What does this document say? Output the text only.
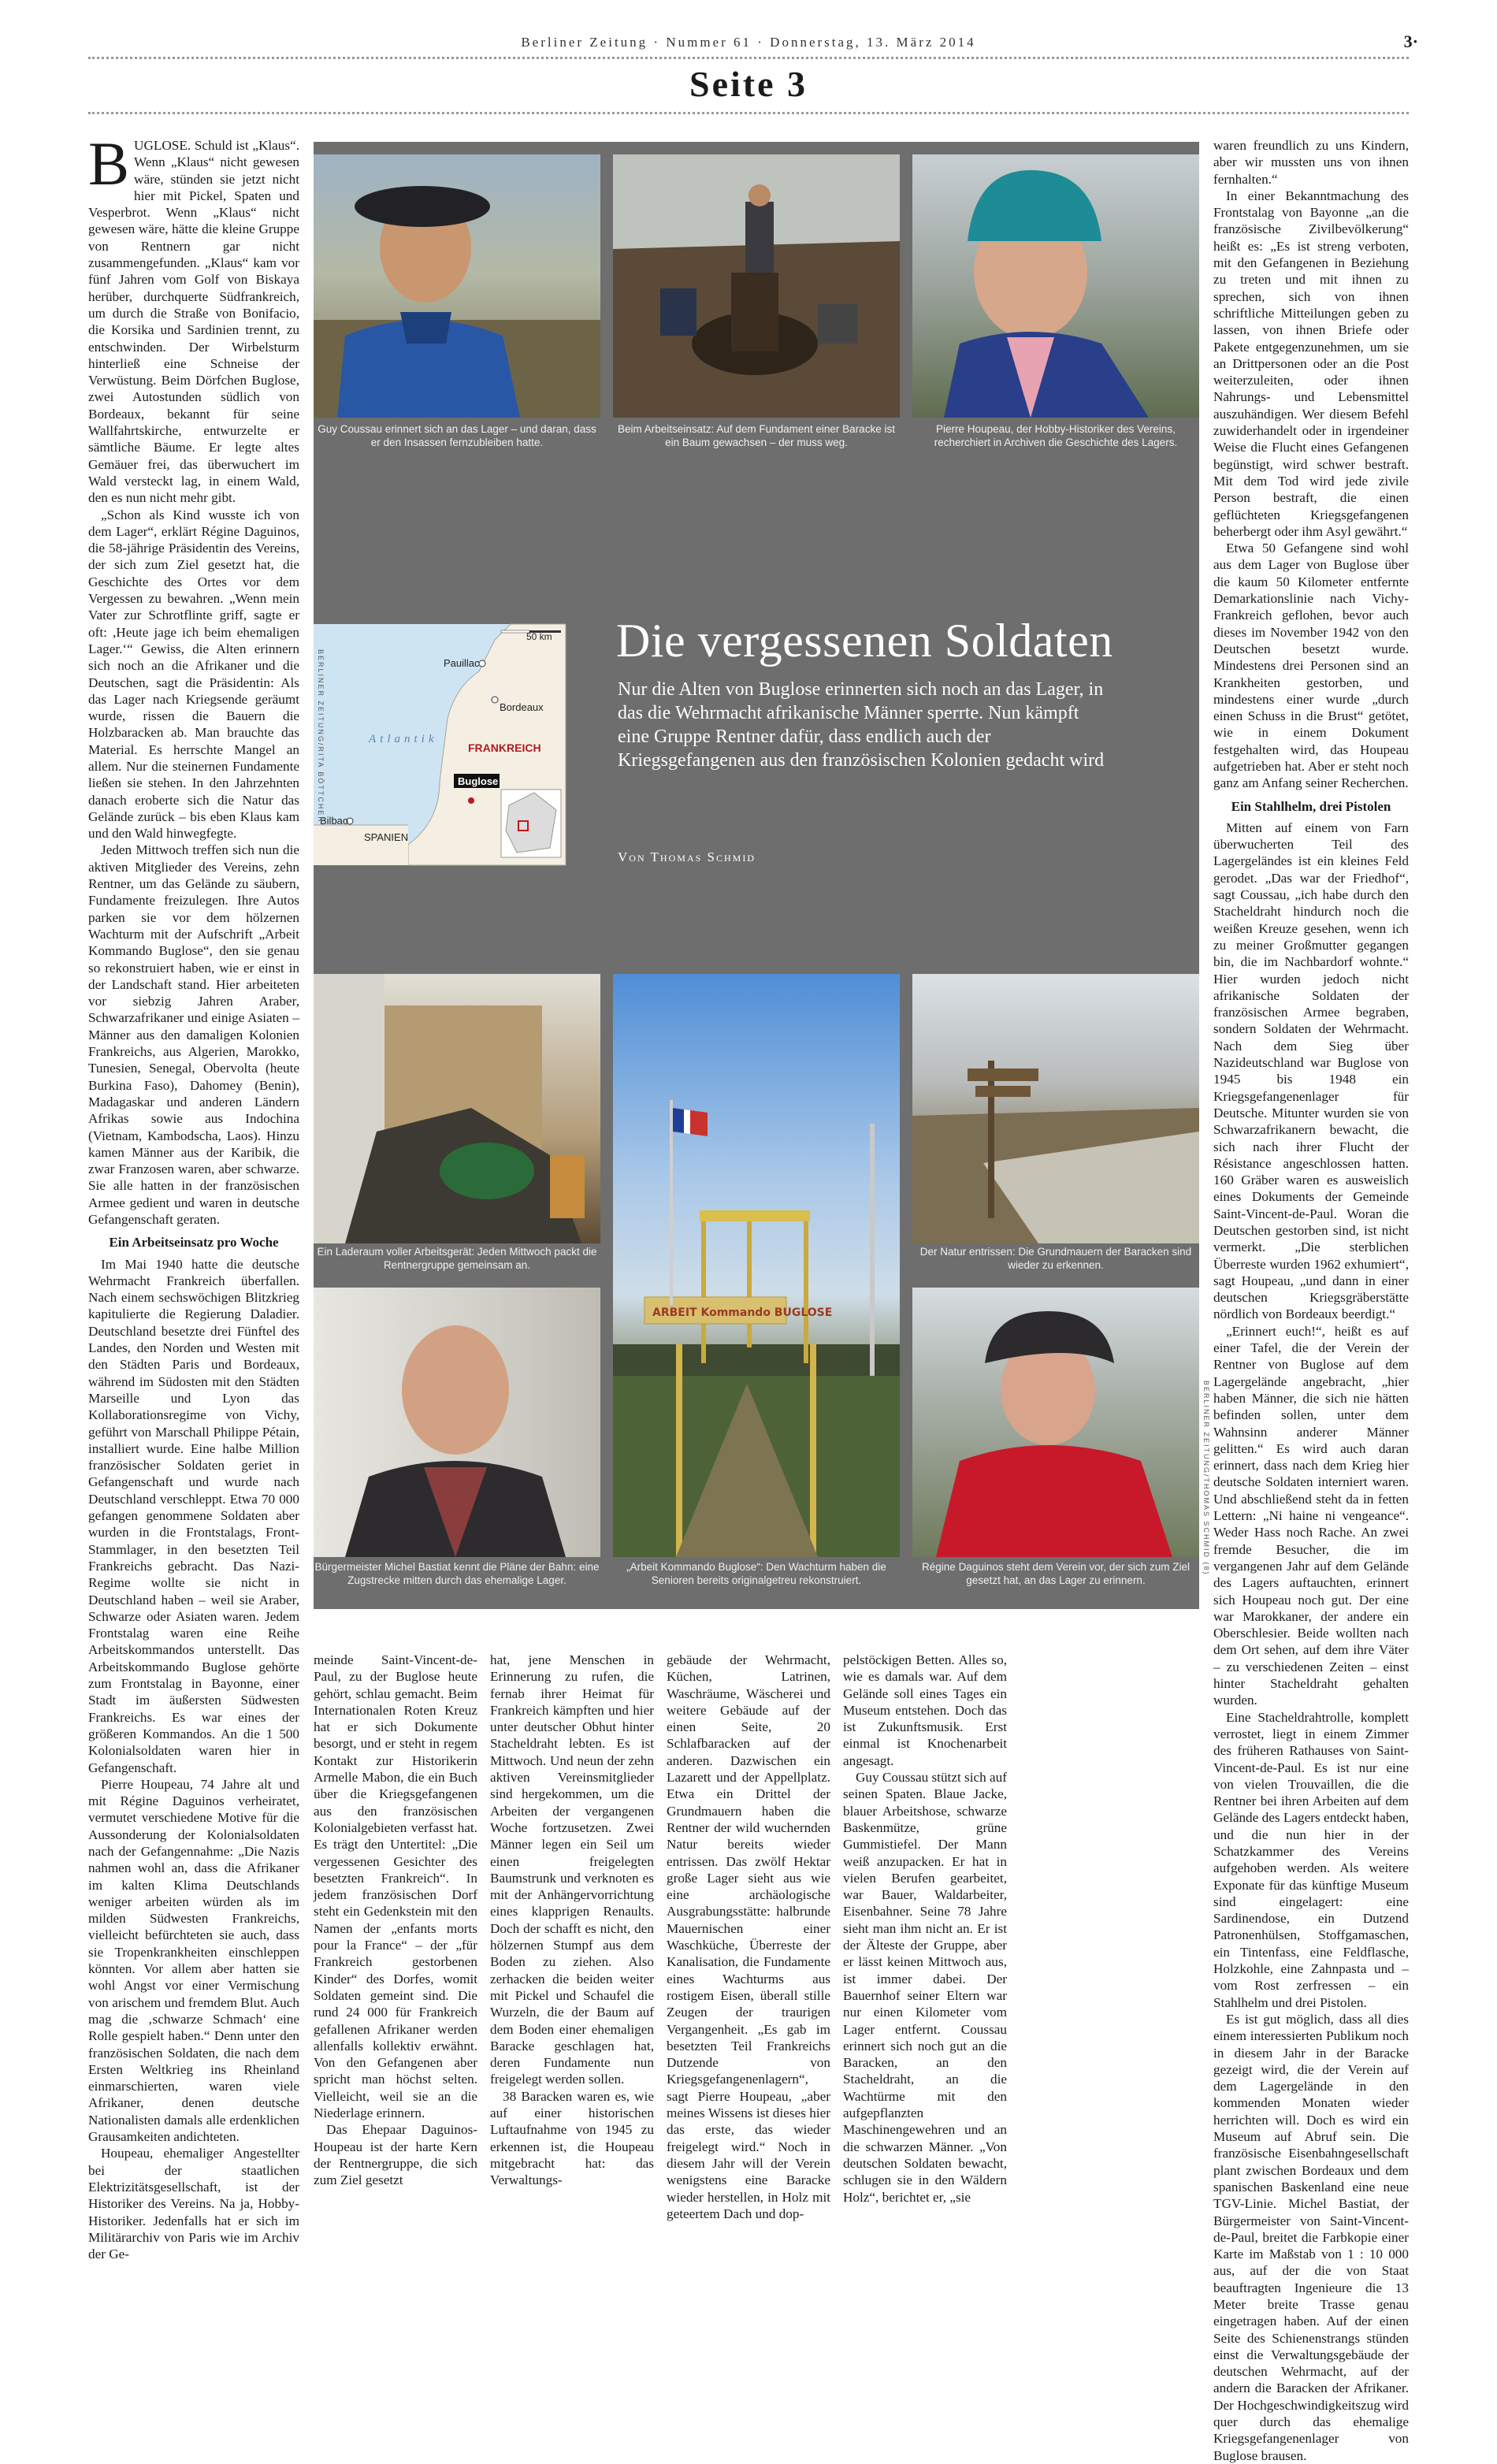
Berliner Zeitung · Nummer 61 · Donnerstag, 13. März 2014	3·
Seite 3

BUGLOSE. Schuld ist „Klaus“. Wenn „Klaus“ nicht gewesen wäre, stünden sie jetzt nicht hier mit Pickel, Spaten und Vesperbrot. Wenn „Klaus“ nicht gewesen wäre, hätte die kleine Gruppe von Rentnern gar nicht zusammengefunden. „Klaus“ kam vor fünf Jahren vom Golf von Biskaya herüber, durchquerte Südfrankreich, um durch die Straße von Bonifacio, die Korsika und Sardinien trennt, zu entschwinden. Der Wirbelsturm hinterließ eine Schneise der Verwüstung. Beim Dörfchen Buglose, zwei Autostunden südlich von Bordeaux, bekannt für seine Wallfahrtskirche, entwurzelte er sämtliche Bäume. Er legte altes Gemäuer frei, das überwuchert im Wald versteckt lag, in einem Wald, den es nun nicht mehr gibt.

„Schon als Kind wusste ich von dem Lager“, erklärt Régine Daguinos, die 58-jährige Präsidentin des Vereins, der sich zum Ziel gesetzt hat, die Geschichte des Ortes vor dem Vergessen zu bewahren. „Wenn mein Vater zur Schrotflinte griff, sagte er oft: ,Heute jage ich beim ehemaligen Lager.‘“ Gewiss, die Alten erinnern sich noch an die Afrikaner und die Deutschen, sagt die Präsidentin: Als das Lager nach Kriegsende geräumt wurde, rissen die Bauern die Holzbaracken ab. Man brauchte das Material. Es herrschte Mangel an allem. Nur die steinernen Fundamente ließen sie stehen. In den Jahrzehnten danach eroberte sich die Natur das Gelände zurück – bis eben Klaus kam und den Wald hinwegfegte.

Jeden Mittwoch treffen sich nun die aktiven Mitglieder des Vereins, zehn Rentner, um das Gelände zu säubern, Fundamente freizulegen. Ihre Autos parken sie vor dem hölzernen Wachturm mit der Aufschrift „Arbeit Kommando Buglose“, den sie genau so rekonstruiert haben, wie er einst in der Landschaft stand. Hier arbeiteten vor siebzig Jahren Araber, Schwarzafrikaner und einige Asiaten – Männer aus den damaligen Kolonien Frankreichs, aus Algerien, Marokko, Tunesien, Senegal, Obervolta (heute Burkina Faso), Dahomey (Benin), Madagaskar und anderen Ländern Afrikas sowie aus Indochina (Vietnam, Kambodscha, Laos). Hinzu kamen Männer aus der Karibik, die zwar Franzosen waren, aber schwarze. Sie alle hatten in der französischen Armee gedient und waren in deutsche Gefangenschaft geraten.

Ein Arbeitseinsatz pro Woche

Im Mai 1940 hatte die deutsche Wehrmacht Frankreich überfallen. Nach einem sechswöchigen Blitzkrieg kapitulierte die Regierung Daladier. Deutschland besetzte drei Fünftel des Landes, den Norden und Westen mit den Städten Paris und Bordeaux, während im Südosten mit den Städten Marseille und Lyon das Kollaborationsregime von Vichy, geführt von Marschall Philippe Pétain, installiert wurde. Eine halbe Million französischer Soldaten geriet in Gefangenschaft und wurde nach Deutschland verschleppt. Etwa 70 000 gefangen genommene Soldaten aber wurden in die Frontstalags, Front-Stammlager, in den besetzten Teil Frankreichs gebracht. Das Nazi-Regime wollte sie nicht in Deutschland haben – weil sie Araber, Schwarze oder Asiaten waren. Jedem Frontstalag waren eine Reihe Arbeitskommandos unterstellt. Das Arbeitskommando Buglose gehörte zum Frontstalag in Bayonne, einer Stadt im äußersten Südwesten Frankreichs. Es war eines der größeren Kommandos. An die 1 500 Kolonialsoldaten waren hier in Gefangenschaft.

Pierre Houpeau, 74 Jahre alt und mit Régine Daguinos verheiratet, vermutet verschiedene Motive für die Aussonderung der Kolonialsoldaten nach der Gefangennahme: „Die Nazis nahmen wohl an, dass die Afrikaner im kalten Klima Deutschlands weniger arbeiten würden als im milden Südwesten Frankreichs, vielleicht befürchteten sie auch, dass sie Tropenkrankheiten einschleppen könnten. Vor allem aber hatten sie wohl Angst vor einer Vermischung von arischem und fremdem Blut. Auch mag die ‚schwarze Schmach‘ eine Rolle gespielt haben.“ Denn unter den französischen Soldaten, die nach dem Ersten Weltkrieg ins Rheinland einmarschierten, waren viele Afrikaner, denen deutsche Nationalisten damals alle erdenklichen Grausamkeiten andichteten.

Houpeau, ehemaliger Angestellter bei der staatlichen Elektrizitätsgesellschaft, ist der Historiker des Vereins. Na ja, Hobby-Historiker. Jedenfalls hat er sich im Militärarchiv von Paris wie im Archiv der Ge-

Guy Coussau erinnert sich an das Lager – und daran, dass er den Insassen fernzubleiben hatte.
Beim Arbeitseinsatz: Auf dem Fundament einer Baracke ist ein Baum gewachsen – der muss weg.
Pierre Houpeau, der Hobby-Historiker des Vereins, recherchiert in Archiven die Geschichte des Lagers.
50 km
Pauillac
Bordeaux
Atlantik
FRANKREICH
Buglose
Bilbao
SPANIEN
Die vergessenen Soldaten
Nur die Alten von Buglose erinnerten sich noch an das Lager, in das die Wehrmacht afrikanische Männer sperrte. Nun kämpft eine Gruppe Rentner dafür, dass endlich auch der Kriegsgefangenen aus den französischen Kolonien gedacht wird
Von Thomas Schmid
Ein Laderaum voller Arbeitsgerät: Jeden Mittwoch packt die Rentnergruppe gemeinsam an.
ARBEIT Kommando BUGLOSE
„Arbeit Kommando Buglose“: Den Wachturm haben die Senioren bereits originalgetreu rekonstruiert.
Der Natur entrissen: Die Grundmauern der Baracken sind wieder zu erkennen.
Bürgermeister Michel Bastiat kennt die Pläne der Bahn: eine Zugstrecke mitten durch das ehemalige Lager.
Régine Daguinos steht dem Verein vor, der sich zum Ziel gesetzt hat, an das Lager zu erinnern.
BERLINER ZEITUNG/RITA BÖTTCHER
BERLINER ZEITUNG/THOMAS SCHMID (8)

meinde Saint-Vincent-de-Paul, zu der Buglose heute gehört, schlau gemacht. Beim Internationalen Roten Kreuz hat er sich Dokumente besorgt, und er steht in regem Kontakt zur Historikerin Armelle Mabon, die ein Buch über die Kriegsgefangenen aus den französischen Kolonialgebieten verfasst hat. Es trägt den Untertitel: „Die vergessenen Gesichter des besetzten Frankreich“. In jedem französischen Dorf steht ein Gedenkstein mit den Namen der „enfants morts pour la France“ – der „für Frankreich gestorbenen Kinder“ des Dorfes, womit Soldaten gemeint sind. Die rund 24 000 für Frankreich gefallenen Afrikaner werden allenfalls kollektiv erwähnt. Von den Gefangenen aber spricht man höchst selten. Vielleicht, weil sie an die Niederlage erinnern.

Das Ehepaar Daguinos-Houpeau ist der harte Kern der Rentnergruppe, die sich zum Ziel gesetzt

hat, jene Menschen in Erinnerung zu rufen, die fernab ihrer Heimat für Frankreich kämpften und hier unter deutscher Obhut hinter Stacheldraht lebten. Es ist Mittwoch. Und neun der zehn aktiven Vereinsmitglieder sind hergekommen, um die Arbeiten der vergangenen Woche fortzusetzen. Zwei Männer legen ein Seil um einen freigelegten Baumstrunk und verknoten es mit der Anhängervorrichtung eines klapprigen Renaults. Doch der schafft es nicht, den hölzernen Stumpf aus dem Boden zu ziehen. Also zerhacken die beiden weiter mit Pickel und Schaufel die Wurzeln, die der Baum auf dem Boden einer ehemaligen Baracke geschlagen hat, deren Fundamente nun freigelegt werden sollen.

38 Baracken waren es, wie auf einer historischen Luftaufnahme von 1945 zu erkennen ist, die Houpeau mitgebracht hat: das Verwaltungs-

gebäude der Wehrmacht, Küchen, Latrinen, Waschräume, Wäscherei und weitere Gebäude auf der einen Seite, 20 Schlafbaracken auf der anderen. Dazwischen ein Lazarett und der Appellplatz. Etwa ein Drittel der Grundmauern haben die Rentner der wild wuchernden Natur bereits wieder entrissen. Das zwölf Hektar große Lager sieht aus wie eine archäologische Ausgrabungsstätte: halbrunde Mauernischen einer Waschküche, Überreste der Kanalisation, die Fundamente eines Wachturms aus rostigem Eisen, überall stille Zeugen der traurigen Vergangenheit. „Es gab im besetzten Teil Frankreichs Dutzende von Kriegsgefangenenlagern“, sagt Pierre Houpeau, „aber meines Wissens ist dieses hier das erste, das wieder freigelegt wird.“ Noch in diesem Jahr will der Verein wenigstens eine Baracke wieder herstellen, in Holz mit geteertem Dach und dop-

pelstöckigen Betten. Alles so, wie es damals war. Auf dem Gelände soll eines Tages ein Museum entstehen. Doch das ist Zukunftsmusik. Erst einmal ist Knochenarbeit angesagt.

Guy Coussau stützt sich auf seinen Spaten. Blaue Jacke, blauer Arbeitshose, schwarze Baskenmütze, grüne Gummistiefel. Der Mann weiß anzupacken. Er hat in vielen Berufen gearbeitet, war Bauer, Waldarbeiter, Eisenbahner. Seine 78 Jahre sieht man ihm nicht an. Er ist der Älteste der Gruppe, aber er lässt keinen Mittwoch aus, ist immer dabei. Der Bauernhof seiner Eltern war nur einen Kilometer vom Lager entfernt. Coussau erinnert sich noch gut an die Baracken, an den Stacheldraht, an die Wachtürme mit den aufgepflanzten Maschinengewehren und an die schwarzen Männer. „Von deutschen Soldaten bewacht, schlugen sie in den Wäldern Holz“, berichtet er, „sie

waren freundlich zu uns Kindern, aber wir mussten uns von ihnen fernhalten.“

In einer Bekanntmachung des Frontstalag von Bayonne „an die französische Zivilbevölkerung“ heißt es: „Es ist streng verboten, mit den Gefangenen in Beziehung zu treten und mit ihnen zu sprechen, sich von ihnen schriftliche Mitteilungen geben zu lassen, von ihnen Briefe oder Pakete entgegenzunehmen, um sie an Drittpersonen oder an die Post weiterzuleiten, oder ihnen Nahrungs- und Lebensmittel auszuhändigen. Wer diesem Befehl zuwiderhandelt oder in irgendeiner Weise die Flucht eines Gefangenen begünstigt, wird schwer bestraft. Mit dem Tod wird jede zivile Person bestraft, die einen geflüchteten Kriegsgefangenen beherbergt oder ihm Asyl gewährt.“

Etwa 50 Gefangene sind wohl aus dem Lager von Buglose über die kaum 50 Kilometer entfernte Demarkationslinie nach Vichy-Frankreich geflohen, bevor auch dieses im November 1942 von den Deutschen besetzt wurde. Mindestens drei Personen sind an Krankheiten gestorben, und mindestens einer wurde „durch einen Schuss in die Brust“ getötet, wie in einem Dokument festgehalten wird, das Houpeau aufgetrieben hat. Aber er steht noch ganz am Anfang seiner Recherchen.

Ein Stahlhelm, drei Pistolen

Mitten auf einem von Farn überwucherten Teil des Lagergeländes ist ein kleines Feld gerodet. „Das war der Friedhof“, sagt Coussau, „ich habe durch den Stacheldraht hindurch noch die weißen Kreuze gesehen, wenn ich zu meiner Großmutter gegangen bin, die im Nachbardorf wohnte.“ Hier wurden jedoch nicht afrikanische Soldaten der französischen Armee begraben, sondern Soldaten der Wehrmacht. Nach dem Sieg über Nazideutschland war Buglose von 1945 bis 1948 ein Kriegsgefangenenlager für Deutsche. Mitunter wurden sie von Schwarzafrikanern bewacht, die sich nach ihrer Flucht der Résistance angeschlossen hatten. 160 Gräber waren es ausweislich eines Dokuments der Gemeinde Saint-Vincent-de-Paul. Woran die Deutschen gestorben sind, ist nicht vermerkt. „Die sterblichen Überreste wurden 1962 exhumiert“, sagt Houpeau, „und dann in einer deutschen Kriegsgräberstätte nördlich von Bordeaux beerdigt.“

„Erinnert euch!“, heißt es auf einer Tafel, die der Verein der Rentner von Buglose auf dem Lagergelände angebracht, „hier haben Männer, die sich nie hätten befinden sollen, unter dem Wahnsinn anderer Männer gelitten.“ Es wird auch daran erinnert, dass nach dem Krieg hier deutsche Soldaten interniert waren. Und abschließend steht da in fetten Lettern: „Ni haine ni vengeance“. Weder Hass noch Rache. An zwei fremde Besucher, die im vergangenen Jahr auf dem Gelände des Lagers auftauchten, erinnert sich Houpeau noch gut. Der eine war Marokkaner, der andere ein Oberschlesier. Beide wollten nach dem Ort sehen, auf dem ihre Väter – zu verschiedenen Zeiten – einst hinter Stacheldraht gehalten wurden.

Eine Stacheldrahtrolle, komplett verrostet, liegt in einem Zimmer des früheren Rathauses von Saint-Vincent-de-Paul. Es ist nur eine von vielen Trouvaillen, die die Rentner bei ihren Arbeiten auf dem Gelände des Lagers entdeckt haben, und die nun hier in der Schatzkammer des Vereins aufgehoben werden. Als weitere Exponate für das künftige Museum sind eingelagert: eine Sardinendose, ein Dutzend Patronenhülsen, Stoffgamaschen, ein Tintenfass, eine Feldflasche, Holzkohle, eine Zahnpasta und – vom Rost zerfressen – ein Stahlhelm und drei Pistolen.

Es ist gut möglich, dass all dies einem interessierten Publikum noch in diesem Jahr in der Baracke gezeigt wird, die der Verein auf dem Lagergelände in den kommenden Monaten wieder herrichten will. Doch es wird ein Museum auf Abruf sein. Die französische Eisenbahngesellschaft plant zwischen Bordeaux und dem spanischen Baskenland eine neue TGV-Linie. Michel Bastiat, der Bürgermeister von Saint-Vincent-de-Paul, breitet die Farbkopie einer Karte im Maßstab von 1 : 10 000 aus, auf der die von Staat beauftragten Ingenieure die 13 Meter breite Trasse genau eingetragen haben. Auf der einen Seite des Schienenstrangs stünden einst die Verwaltungsgebäude der deutschen Wehrmacht, auf der andern die Baracken der Afrikaner. Der Hochgeschwindigkeitszug wird quer durch das ehemalige Kriegsgefangenenlager von Buglose brausen.
